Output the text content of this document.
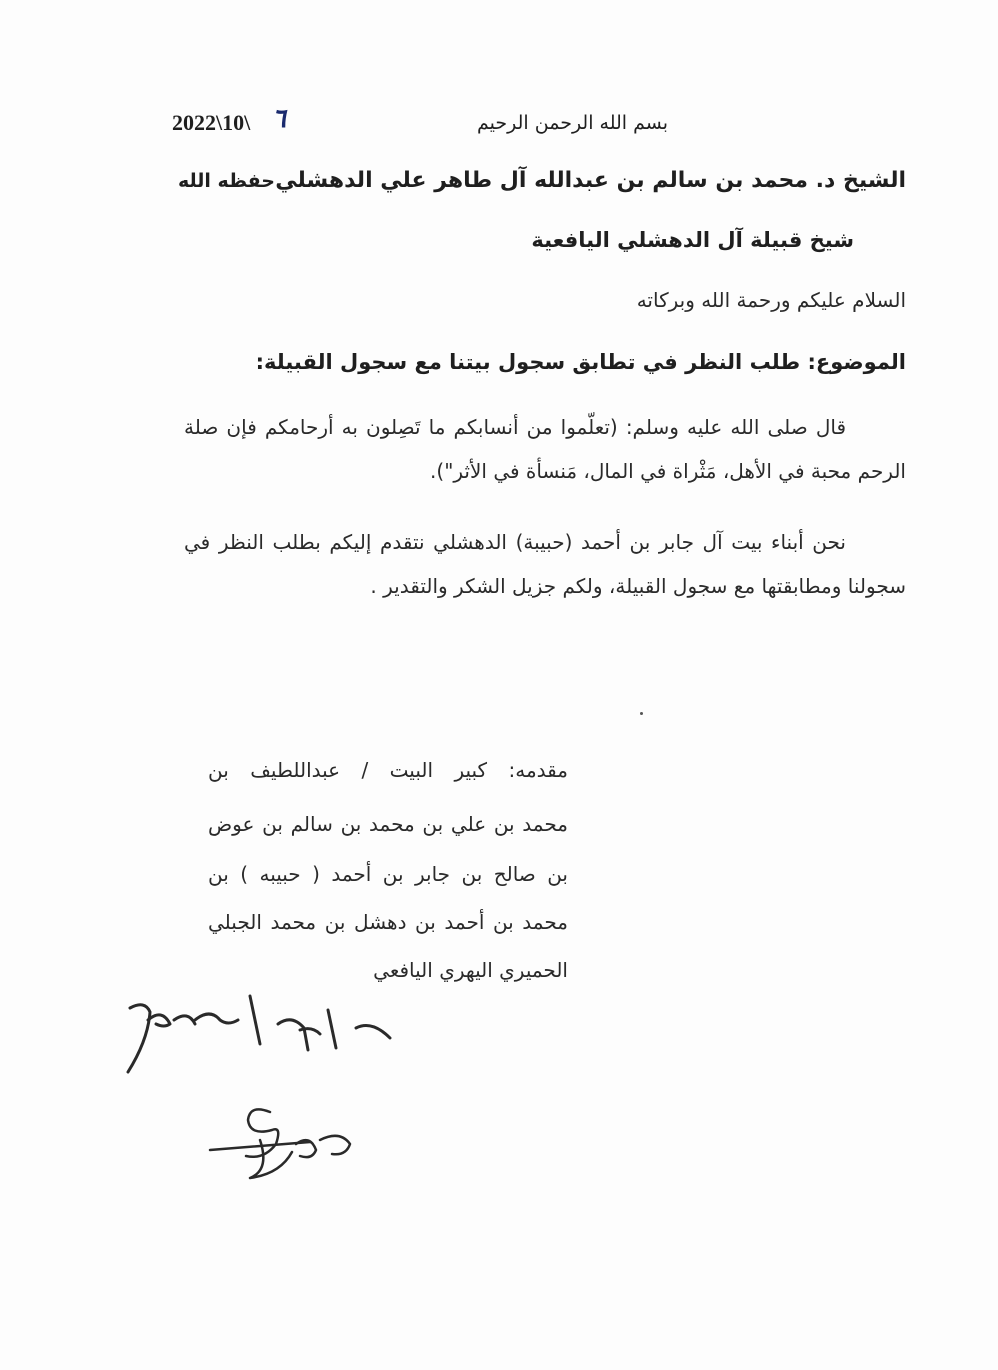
بسم الله الرحمن الرحيم
2022\10\ ٦
الشيخ د. محمد بن سالم بن عبدالله آل طاهر علي الدهشلي
حفظه الله
شيخ قبيلة آل الدهشلي اليافعية
السلام عليكم ورحمة الله وبركاته
الموضوع: طلب النظر في تطابق سجول بيتنا مع سجول القبيلة:
قال صلى الله عليه وسلم: (تعلّموا من أنسابكم ما تَصِلون به أرحامكم فإن صلة الرحم محبة في الأهل، مَثْراة في المال، مَنسأة في الأثر").
نحن أبناء بيت آل جابر بن أحمد (حبيبة) الدهشلي نتقدم إليكم بطلب النظر في سجولنا ومطابقتها مع سجول القبيلة، ولكم جزيل الشكر والتقدير .
مقدمه: كبير البيت / عبداللطيف بن
محمد بن علي بن محمد بن سالم بن عوض
بن صالح بن جابر بن أحمد ( حبيبه ) بن
محمد بن أحمد بن دهشل بن محمد الجبلي
الحميري اليهري اليافعي
